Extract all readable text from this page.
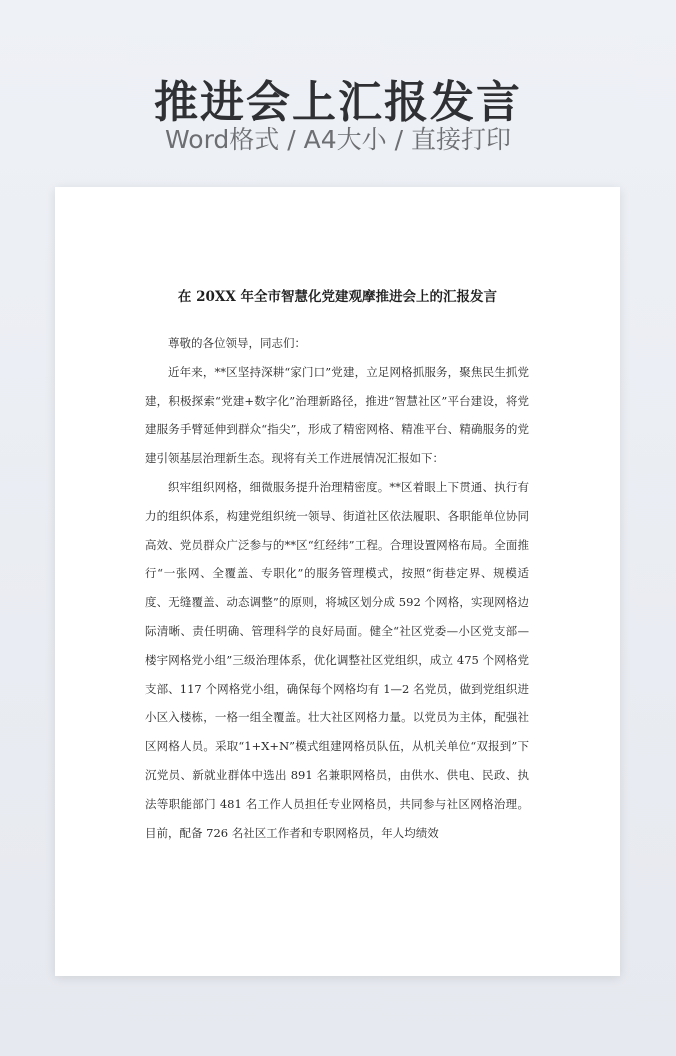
推进会上汇报发言
Word格式 / A4大小 / 直接打印
在 20XX 年全市智慧化党建观摩推进会上的汇报发言

尊敬的各位领导，同志们：

近年来，**区坚持深耕“家门口”党建，立足网格抓服务，聚焦民生抓党建，积极探索“党建+数字化”治理新路径，推进“智慧社区”平台建设，将党建服务手臂延伸到群众“指尖”，形成了精密网格、精准平台、精确服务的党建引领基层治理新生态。现将有关工作进展情况汇报如下：

织牢组织网格，细微服务提升治理精密度。**区着眼上下贯通、执行有力的组织体系，构建党组织统一领导、街道社区依法履职、各职能单位协同高效、党员群众广泛参与的**区“红经纬”工程。合理设置网格布局。全面推行“一张网、全覆盖、专职化”的服务管理模式，按照“街巷定界、规模适度、无缝覆盖、动态调整”的原则，将城区划分成 592 个网格，实现网格边际清晰、责任明确、管理科学的良好局面。健全“社区党委—小区党支部—楼宇网格党小组”三级治理体系，优化调整社区党组织，成立 475 个网格党支部、117 个网格党小组，确保每个网格均有 1—2 名党员，做到党组织进小区入楼栋，一格一组全覆盖。壮大社区网格力量。以党员为主体，配强社区网格人员。采取“1+X+N”模式组建网格员队伍，从机关单位“双报到”下沉党员、新就业群体中选出 891 名兼职网格员，由供水、供电、民政、执法等职能部门 481 名工作人员担任专业网格员，共同参与社区网格治理。目前，配备 726 名社区工作者和专职网格员，年人均绩效
